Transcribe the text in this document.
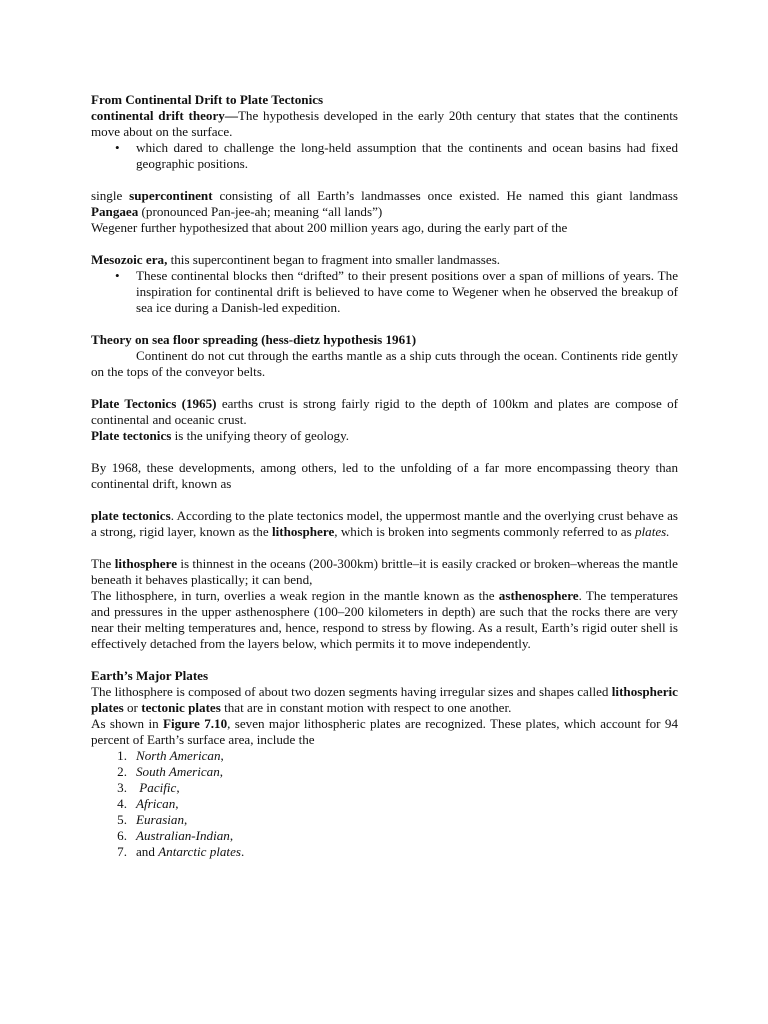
From Continental Drift to Plate Tectonics

continental drift theory—The hypothesis developed in the early 20th century that states that the continents move about on the surface.

• which dared to challenge the long-held assumption that the continents and ocean basins had fixed geographic positions.

single supercontinent consisting of all Earth’s landmasses once existed. He named this giant landmass Pangaea (pronounced Pan-jee-ah; meaning “all lands”)

Wegener further hypothesized that about 200 million years ago, during the early part of the

Mesozoic era, this supercontinent began to fragment into smaller landmasses.

• These continental blocks then “drifted” to their present positions over a span of millions of years. The inspiration for continental drift is believed to have come to Wegener when he observed the breakup of sea ice during a Danish-led expedition.

Theory on sea floor spreading (hess-dietz hypothesis 1961)

Continent do not cut through the earths mantle as a ship cuts through the ocean. Continents ride gently on the tops of the conveyor belts.

Plate Tectonics (1965) earths crust is strong fairly rigid to the depth of 100km and plates are compose of continental and oceanic crust.

Plate tectonics is the unifying theory of geology.

By 1968, these developments, among others, led to the unfolding of a far more encompassing theory than continental drift, known as

plate tectonics. According to the plate tectonics model, the uppermost mantle and the overlying crust behave as a strong, rigid layer, known as the lithosphere, which is broken into segments commonly referred to as plates.

The lithosphere is thinnest in the oceans (200-300km) brittle–it is easily cracked or broken–whereas the mantle beneath it behaves plastically; it can bend,

The lithosphere, in turn, overlies a weak region in the mantle known as the asthenosphere. The temperatures and pressures in the upper asthenosphere (100–200 kilometers in depth) are such that the rocks there are very near their melting temperatures and, hence, respond to stress by flowing. As a result, Earth’s rigid outer shell is effectively detached from the layers below, which permits it to move independently.

Earth’s Major Plates

The lithosphere is composed of about two dozen segments having irregular sizes and shapes called lithospheric plates or tectonic plates that are in constant motion with respect to one another.

As shown in Figure 7.10, seven major lithospheric plates are recognized. These plates, which account for 94 percent of Earth’s surface area, include the

1. North American,
2. South American,
3. Pacific,
4. African,
5. Eurasian,
6. Australian-Indian,
7. and Antarctic plates.
